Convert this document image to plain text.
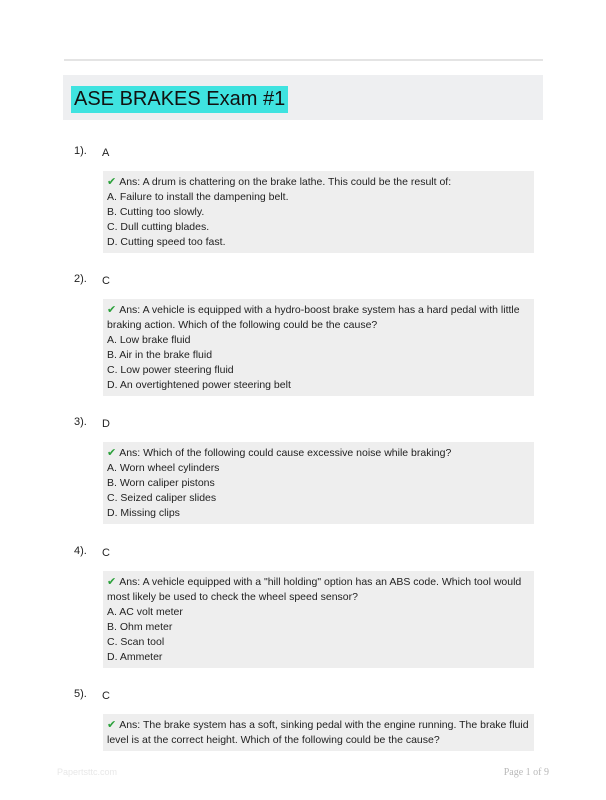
ASE BRAKES Exam #1
1). A
✔ Ans: A drum is chattering on the brake lathe. This could be the result of:
A. Failure to install the dampening belt.
B. Cutting too slowly.
C. Dull cutting blades.
D. Cutting speed too fast.
2). C
✔ Ans: A vehicle is equipped with a hydro-boost brake system has a hard pedal with little braking action. Which of the following could be the cause?
A. Low brake fluid
B. Air in the brake fluid
C. Low power steering fluid
D. An overtightened power steering belt
3). D
✔ Ans: Which of the following could cause excessive noise while braking?
A. Worn wheel cylinders
B. Worn caliper pistons
C. Seized caliper slides
D. Missing clips
4). C
✔ Ans: A vehicle equipped with a "hill holding" option has an ABS code. Which tool would most likely be used to check the wheel speed sensor?
A. AC volt meter
B. Ohm meter
C. Scan tool
D. Ammeter
5). C
✔ Ans: The brake system has a soft, sinking pedal with the engine running. The brake fluid level is at the correct height. Which of the following could be the cause?
Papertsttc.com	Page 1 of 9
